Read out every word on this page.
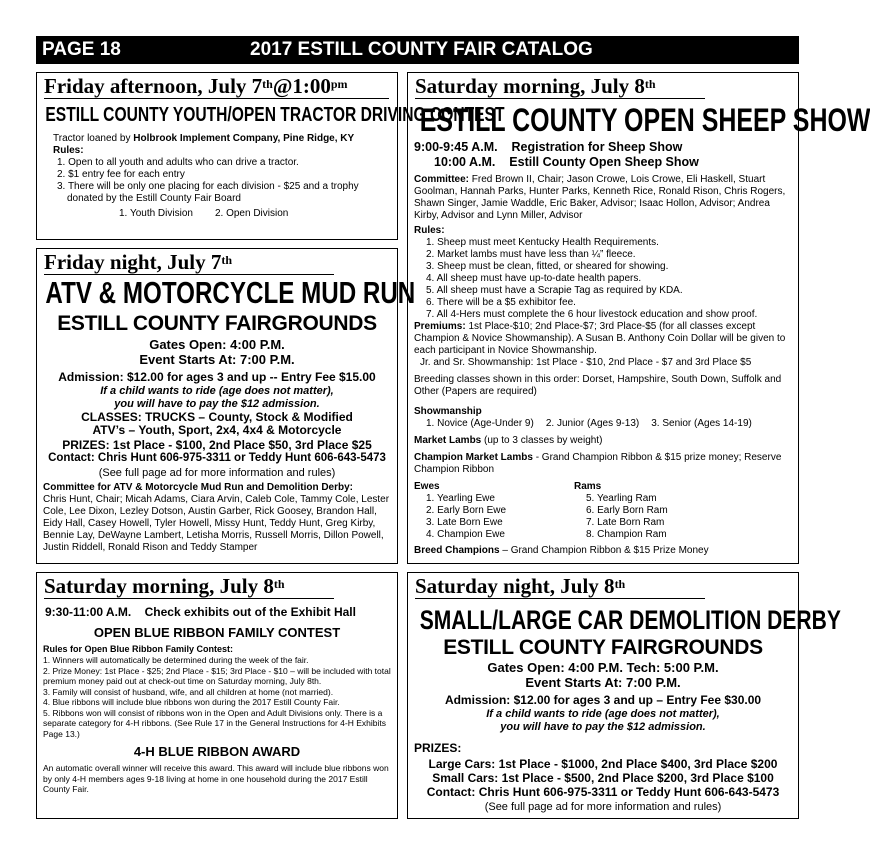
PAGE 18	2017 ESTILL COUNTY FAIR CATALOG
Friday afternoon, July $7th@1:00^{pm}$
ESTILL COUNTY YOUTH/OPEN TRACTOR DRIVING CONTEST
Tractor loaned by Holbrook Implement Company, Pine Ridge, KY
Rules:
1. Open to all youth and adults who can drive a tractor.
2. $1 entry fee for each entry
3. There will be only one placing for each division - $25 and a trophy
donated by the Estill County Fair Board
1. Youth Division 2. Open Division
Friday night, July 7th
ATV & MOTORCYCLE MUD RUN
ESTILL COUNTY FAIRGROUNDS
Gates Open: 4:00 P.M.
Event Starts At: 7:00 P.M.
Admission: $12.00 for ages 3 and up -- Entry Fee $15.00
If a child wants to ride (age does not matter),
you will have to pay the $12 admission.
CLASSES: TRUCKS – County, Stock & Modified
ATV’s – Youth, Sport, 2x4, 4x4 & Motorcycle
PRIZES: 1st Place - $100, 2nd Place $50, 3rd Place $25
Contact: Chris Hunt 606-975-3311 or Teddy Hunt 606-643-5473
(See full page ad for more information and rules)
Committee for ATV & Motorcycle Mud Run and Demolition Derby:
Chris Hunt, Chair; Micah Adams, Ciara Arvin, Caleb Cole, Tammy Cole, Lester Cole, Lee Dixon, Lezley Dotson, Austin Garber, Rick Goosey, Brandon Hall, Eidy Hall, Casey Howell, Tyler Howell, Missy Hunt, Teddy Hunt, Greg Kirby, Bennie Lay, DeWayne Lambert, Letisha Morris, Russell Morris, Dillon Powell, Justin Riddell, Ronald Rison and Teddy Stamper
Saturday morning, July 8th
9:30-11:00 A.M. Check exhibits out of the Exhibit Hall
OPEN BLUE RIBBON FAMILY CONTEST
Rules for Open Blue Ribbon Family Contest:
1. Winners will automatically be determined during the week of the fair.
2. Prize Money: 1st Place - $25; 2nd Place - $15; 3rd Place - $10 – will be included with total premium money paid out at check-out time on Saturday morning, July 8th.
3. Family will consist of husband, wife, and all children at home (not married).
4. Blue ribbons will include blue ribbons won during the 2017 Estill County Fair.
5. Ribbons won will consist of ribbons won in the Open and Adult Divisions only. There is a separate category for 4-H ribbons. (See Rule 17 in the General Instructions for 4-H Exhibits Page 13.)
4-H BLUE RIBBON AWARD
An automatic overall winner will receive this award. This award will include blue ribbons won by only 4-H members ages 9-18 living at home in one household during the 2017 Estill County Fair.
Saturday morning, July 8th
ESTILL COUNTY OPEN SHEEP SHOW
9:00-9:45 A.M. Registration for Sheep Show
10:00 A.M. Estill County Open Sheep Show
Committee: Fred Brown II, Chair; Jason Crowe, Lois Crowe, Eli Haskell, Stuart Goolman, Hannah Parks, Hunter Parks, Kenneth Rice, Ronald Rison, Chris Rogers, Shawn Singer, Jamie Waddle, Eric Baker, Advisor; Isaac Hollon, Advisor; Andrea Kirby, Advisor and Lynn Miller, Advisor
Rules:
1. Sheep must meet Kentucky Health Requirements.
2. Market lambs must have less than ¼” fleece.
3. Sheep must be clean, fitted, or sheared for showing.
4. All sheep must have up-to-date health papers.
5. All sheep must have a Scrapie Tag as required by KDA.
6. There will be a $5 exhibitor fee.
7. All 4-Hers must complete the 6 hour livestock education and show proof.
Premiums: 1st Place-$10; 2nd Place-$7; 3rd Place-$5 (for all classes except Champion & Novice Showmanship). A Susan B. Anthony Coin Dollar will be given to each participant in Novice Showmanship.
Jr. and Sr. Showmanship: 1st Place - $10, 2nd Place - $7 and 3rd Place $5
Breeding classes shown in this order: Dorset, Hampshire, South Down, Suffolk and Other (Papers are required)
Showmanship
1. Novice (Age-Under 9) 2. Junior (Ages 9-13) 3. Senior (Ages 14-19)
Market Lambs (up to 3 classes by weight)
Champion Market Lambs - Grand Champion Ribbon & $15 prize money; Reserve Champion Ribbon
Ewes
1. Yearling Ewe
2. Early Born Ewe
3. Late Born Ewe
4. Champion Ewe
Rams
5. Yearling Ram
6. Early Born Ram
7. Late Born Ram
8. Champion Ram
Breed Champions – Grand Champion Ribbon & $15 Prize Money
Saturday night, July 8th
SMALL/LARGE CAR DEMOLITION DERBY
ESTILL COUNTY FAIRGROUNDS
Gates Open: 4:00 P.M. Tech: 5:00 P.M.
Event Starts At: 7:00 P.M.
Admission: $12.00 for ages 3 and up – Entry Fee $30.00
If a child wants to ride (age does not matter),
you will have to pay the $12 admission.
PRIZES:
Large Cars: 1st Place - $1000, 2nd Place $400, 3rd Place $200
Small Cars: 1st Place - $500, 2nd Place $200, 3rd Place $100
Contact: Chris Hunt 606-975-3311 or Teddy Hunt 606-643-5473
(See full page ad for more information and rules)
